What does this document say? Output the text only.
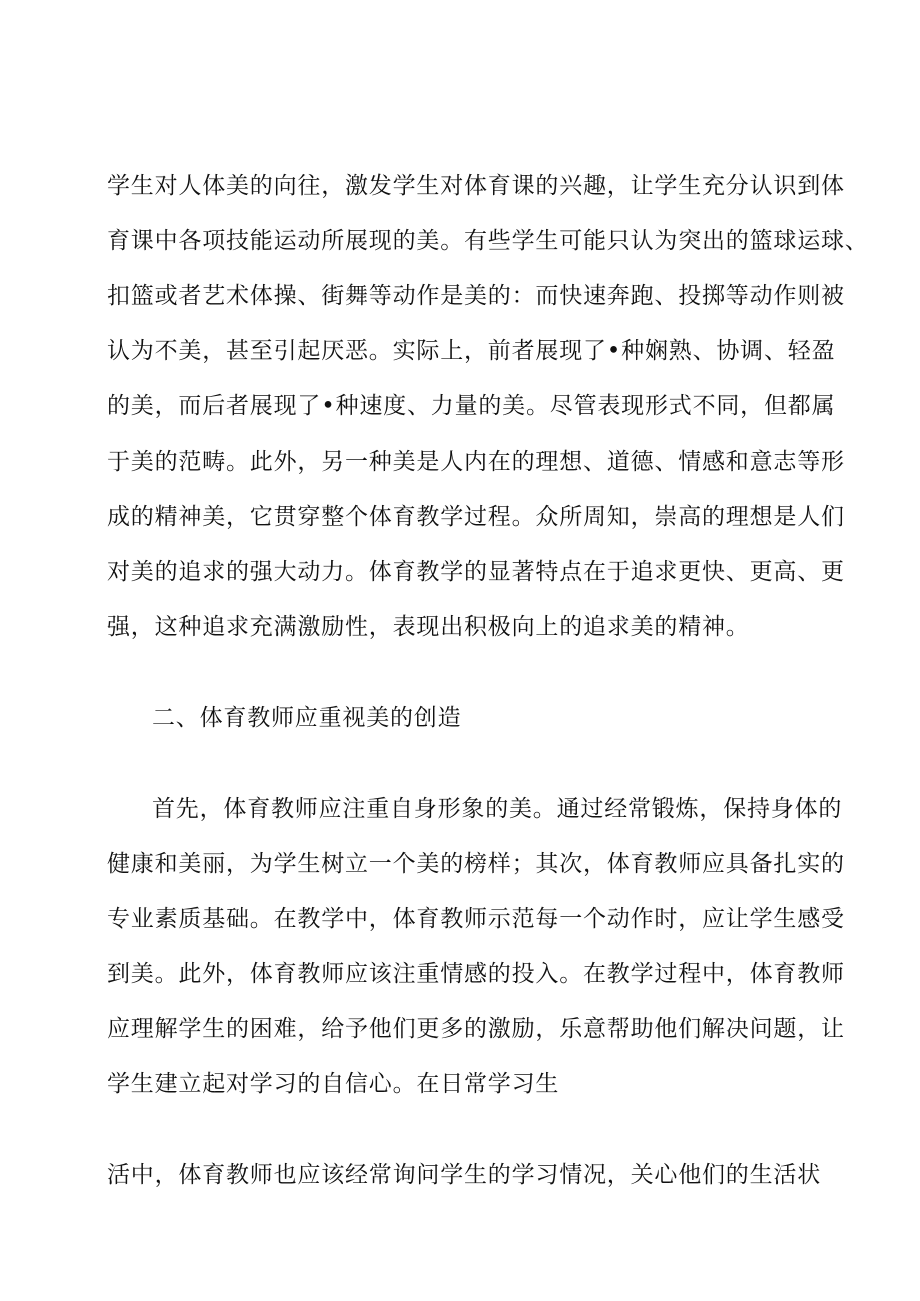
学生对人体美的向往，激发学生对体育课的兴趣，让学生充分认识到体
育课中各项技能运动所展现的美。有些学生可能只认为突出的篮球运球、
扣篮或者艺术体操、街舞等动作是美的：而快速奔跑、投掷等动作则被
认为不美，甚至引起厌恶。实际上，前者展现了•种娴熟、协调、轻盈
的美，而后者展现了•种速度、力量的美。尽管表现形式不同，但都属
于美的范畴。此外，另一种美是人内在的理想、道德、情感和意志等形
成的精神美，它贯穿整个体育教学过程。众所周知，崇高的理想是人们
对美的追求的强大动力。体育教学的显著特点在于追求更快、更高、更
强，这种追求充满激励性，表现出积极向上的追求美的精神。
二、体育教师应重视美的创造
首先，体育教师应注重自身形象的美。通过经常锻炼，保持身体的
健康和美丽，为学生树立一个美的榜样；其次，体育教师应具备扎实的
专业素质基础。在教学中，体育教师示范每一个动作时，应让学生感受
到美。此外，体育教师应该注重情感的投入。在教学过程中，体育教师
应理解学生的困难，给予他们更多的激励，乐意帮助他们解决问题，让
学生建立起对学习的自信心。在日常学习生
活中，体育教师也应该经常询问学生的学习情况，关心他们的生活状
